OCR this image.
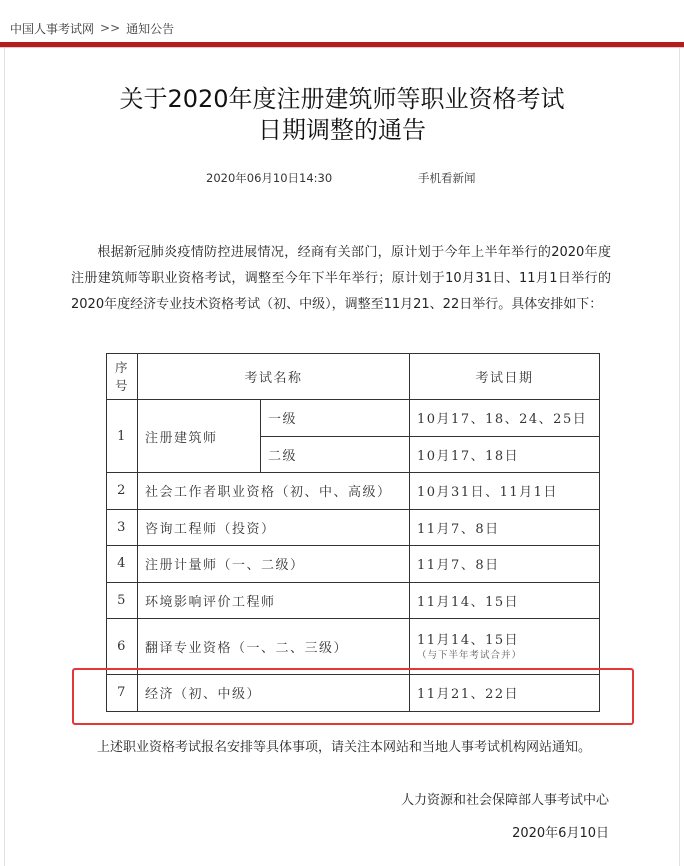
中国人事考试网 >> 通知公告
关于2020年度注册建筑师等职业资格考试
日期调整的通告
2020年06月10日14:30	手机看新闻

根据新冠肺炎疫情防控进展情况，经商有关部门，原计划于今年上半年举行的2020年度注册建筑师等职业资格考试，调整至今年下半年举行；原计划于10月31日、11月1日举行的2020年度经济专业技术资格考试（初、中级），调整至11月21、22日举行。具体安排如下：

序号	考试名称		考试日期
1	注册建筑师	一级	10月17、18、24、25日
		二级	10月17、18日
2	社会工作者职业资格（初、中、高级）		10月31日、11月1日
3	咨询工程师（投资）		11月7、8日
4	注册计量师（一、二级）		11月7、8日
5	环境影响评价工程师		11月14、15日
6	翻译专业资格（一、二、三级）		11月14、15日
（与下半年考试合并）

7	经济（初、中级）		11月21、22日

上述职业资格考试报名安排等具体事项，请关注本网站和当地人事考试机构网站通知。

人力资源和社会保障部人事考试中心
2020年6月10日
